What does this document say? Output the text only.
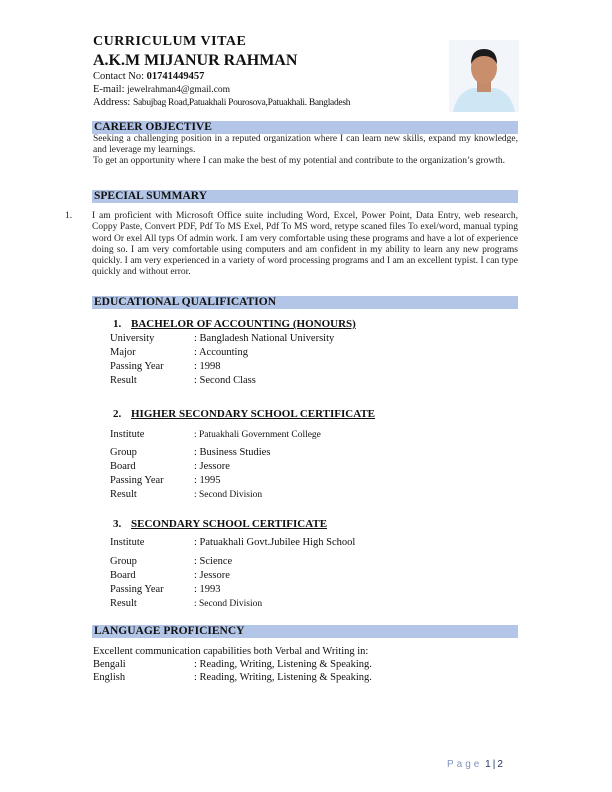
CURRICULUM VITAE
A.K.M MIJANUR RAHMAN
Contact No: 01741449457
E-mail: jewelrahman4@gmail.com
Address: Sabujbag Road,Patuakhali Pourosova,Patuakhali. Bangladesh
CAREER OBJECTIVE
Seeking a challenging position in a reputed organization where I can learn new skills, expand my knowledge, and leverage my learnings.
To get an opportunity where I can make the best of my potential and contribute to the organization’s growth.
SPECIAL SUMMARY
1. I am proficient with Microsoft Office suite including Word, Excel, Power Point, Data Entry, web research, Coppy Paste, Convert PDF, Pdf To MS Exel, Pdf To MS word, retype scaned files To exel/word, manual typing word Or exel All typs Of admin work. I am very comfortable using these programs and have a lot of experience doing so. I am very comfortable using computers and am confident in my ability to learn any new programs quickly. I am very experienced in a variety of word processing programs and I am an excellent typist. I can type quickly and without error.
EDUCATIONAL QUALIFICATION
1. BACHELOR OF ACCOUNTING (HONOURS)
University	: Bangladesh National University
Major	: Accounting
Passing Year	: 1998
Result	: Second Class
2. HIGHER SECONDARY SCHOOL CERTIFICATE
Institute	: Patuakhali Government College
Group	: Business Studies
Board	: Jessore
Passing Year	: 1995
Result	: Second Division
3. SECONDARY SCHOOL CERTIFICATE
Institute	: Patuakhali Govt.Jubilee High School
Group	: Science
Board	: Jessore
Passing Year	: 1993
Result	: Second Division
LANGUAGE PROFICIENCY
Excellent communication capabilities both Verbal and Writing in:
Bengali	: Reading, Writing, Listening & Speaking.
English	: Reading, Writing, Listening & Speaking.
Page 1 | 2
